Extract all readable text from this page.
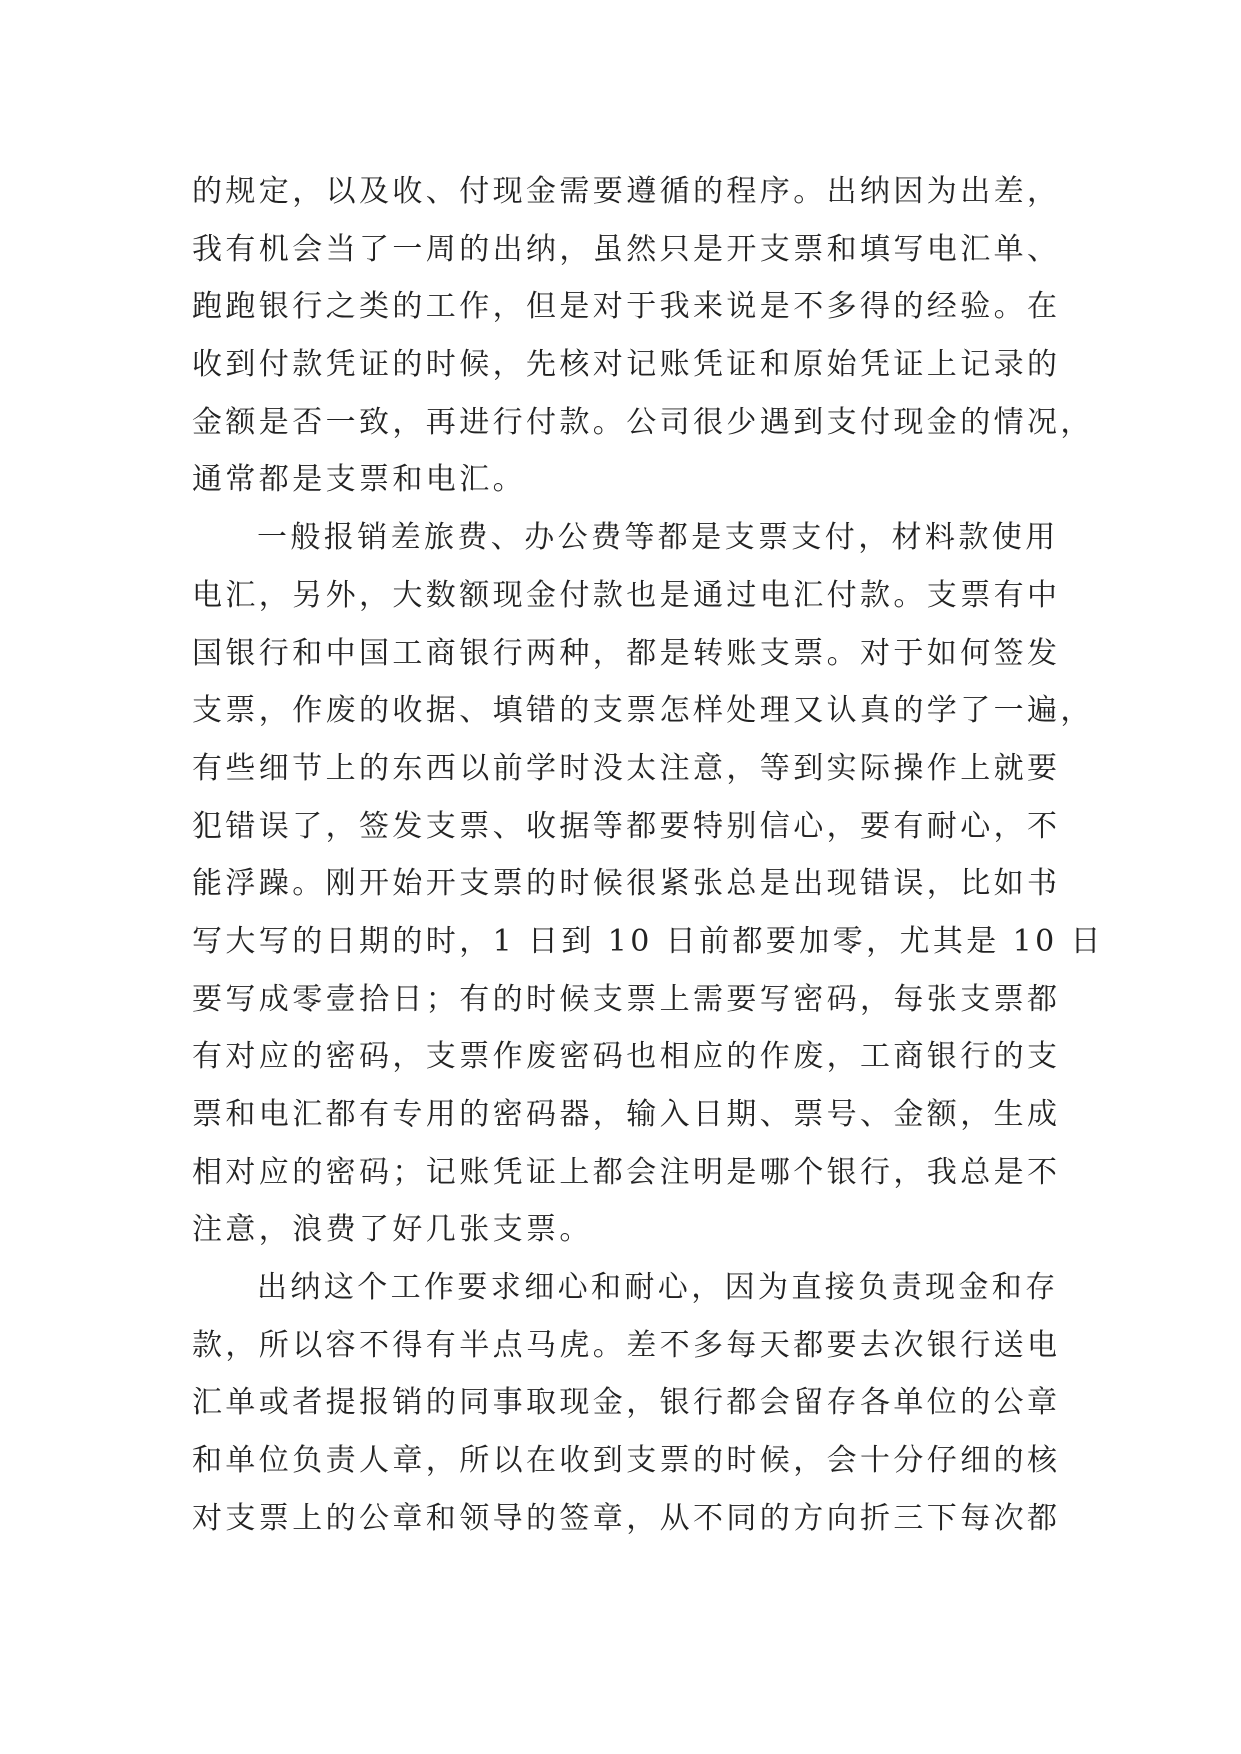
的规定，以及收、付现金需要遵循的程序。出纳因为出差，
我有机会当了一周的出纳，虽然只是开支票和填写电汇单、
跑跑银行之类的工作，但是对于我来说是不多得的经验。在
收到付款凭证的时候，先核对记账凭证和原始凭证上记录的
金额是否一致，再进行付款。公司很少遇到支付现金的情况，
通常都是支票和电汇。
一般报销差旅费、办公费等都是支票支付，材料款使用
电汇，另外，大数额现金付款也是通过电汇付款。支票有中
国银行和中国工商银行两种，都是转账支票。对于如何签发
支票，作废的收据、填错的支票怎样处理又认真的学了一遍，
有些细节上的东西以前学时没太注意，等到实际操作上就要
犯错误了，签发支票、收据等都要特别信心，要有耐心，不
能浮躁。刚开始开支票的时候很紧张总是出现错误，比如书
写大写的日期的时，1 日到 10 日前都要加零，尤其是 10 日
要写成零壹拾日；有的时候支票上需要写密码，每张支票都
有对应的密码，支票作废密码也相应的作废，工商银行的支
票和电汇都有专用的密码器，输入日期、票号、金额，生成
相对应的密码；记账凭证上都会注明是哪个银行，我总是不
注意，浪费了好几张支票。
出纳这个工作要求细心和耐心，因为直接负责现金和存
款，所以容不得有半点马虎。差不多每天都要去次银行送电
汇单或者提报销的同事取现金，银行都会留存各单位的公章
和单位负责人章，所以在收到支票的时候，会十分仔细的核
对支票上的公章和领导的签章，从不同的方向折三下每次都
